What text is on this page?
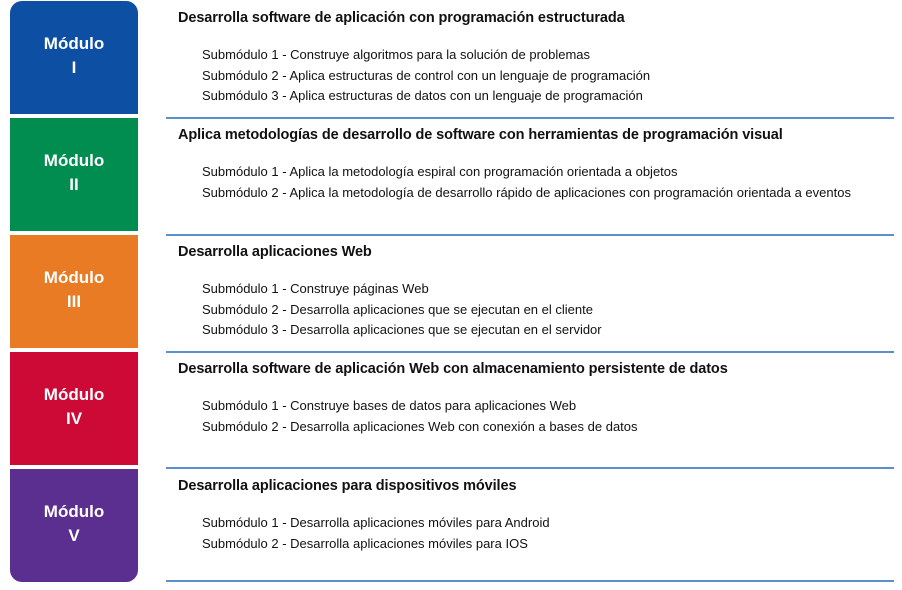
Módulo
I
Módulo
II
Módulo
III
Módulo
IV
Módulo
V
Desarrolla software de aplicación con programación estructurada
Submódulo 1 - Construye algoritmos para la solución de problemas
Submódulo 2 - Aplica estructuras de control con un lenguaje de programación
Submódulo 3 - Aplica estructuras de datos con un lenguaje de programación
Aplica metodologías de desarrollo de software con herramientas de programación visual
Submódulo 1 - Aplica la metodología espiral con programación orientada a objetos
Submódulo 2 - Aplica la metodología de desarrollo rápido de aplicaciones con programación orientada a eventos
Desarrolla aplicaciones Web
Submódulo 1 - Construye páginas Web
Submódulo 2 - Desarrolla aplicaciones que se ejecutan en el cliente
Submódulo 3 - Desarrolla aplicaciones que se ejecutan en el servidor
Desarrolla software de aplicación Web con almacenamiento persistente de datos
Submódulo 1 - Construye bases de datos para aplicaciones Web
Submódulo 2 - Desarrolla aplicaciones Web con conexión a bases de datos
Desarrolla aplicaciones para dispositivos móviles
Submódulo 1 - Desarrolla aplicaciones móviles para Android
Submódulo 2 - Desarrolla aplicaciones móviles para IOS
